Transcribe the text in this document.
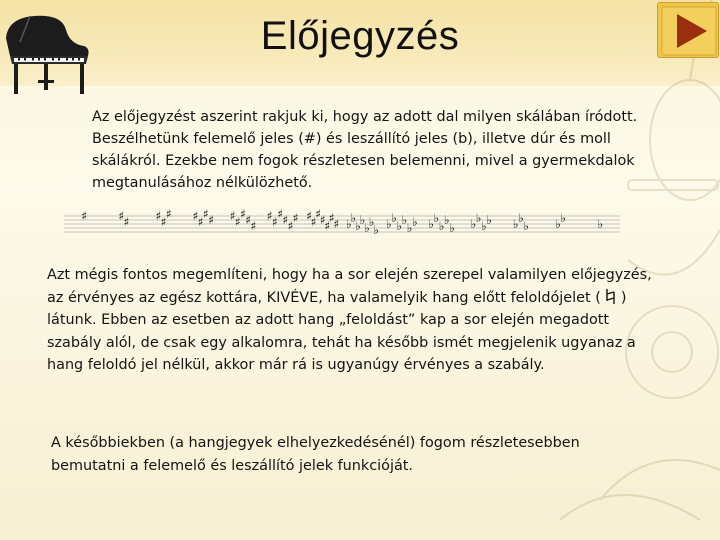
Előjegyzés

Az előjegyzést aszerint rakjuk ki, hogy az adott dal milyen skálában íródott. Beszélhetünk felemelő jeles (#) és leszállító jeles (b), illetve dúr és moll skálákról. Ezekbe nem fogok részletesen belemenni, mivel a gyermekdalok megtanulásához nélkülözhető.

♯	♯ ♯ ♯ ♯
♯ ♯ ♯
♯ ♯ ♯ ♯
♯ ♯ ♯
♯ ♯
♯ ♯ ♯
♯ ♯
♯
♯
♯
♯
♯
♯ ♭
♭
♭
♭
♭
♭
♭ ♭ ♭
♭ ♭
♭ ♭ ♭ ♭
♭ ♭
♭ ♭ ♭
♭ ♭ ♭ ♭
♭ ♭ ♭	♭

Azt mégis fontos megemlíteni, hogy ha a sor elején szerepel valamilyen előjegyzés, az érvényes az egész kottára, KIVÉVE, ha valamelyik hang előtt feloldójelet ( ) látunk. Ebben az esetben az adott hang „feloldást” kap a sor elején megadott szabály alól, de csak egy alkalomra, tehát ha később ismét megjelenik ugyanaz a hang feloldó jel nélkül, akkor már rá is ugyanúgy érvényes a szabály.

A későbbiekben (a hangjegyek elhelyezkedésénél) fogom részletesebben bemutatni a felemelő és leszállító jelek funkcióját.
